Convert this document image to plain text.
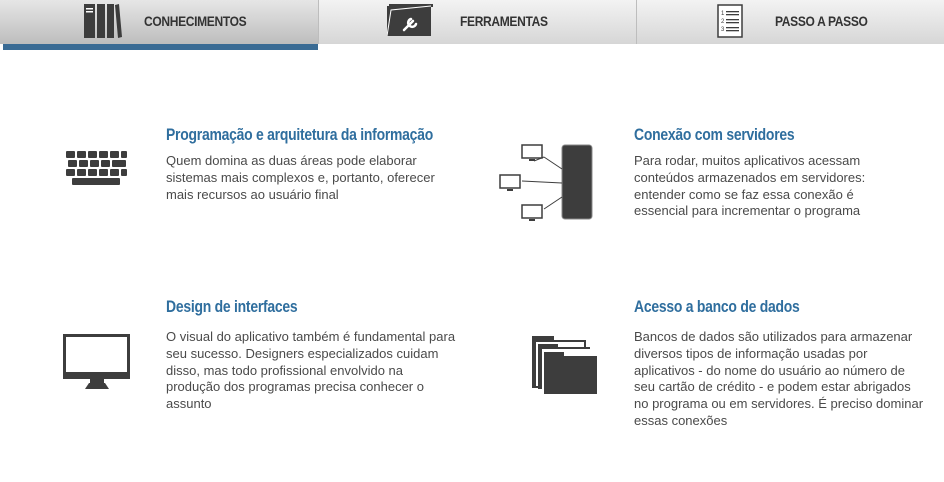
CONHECIMENTOS	FERRAMENTAS	1
2
3
PASSO A PASSO
Programação e arquitetura da informação

Quem domina as duas áreas pode elaborar sistemas mais complexos e, portanto, oferecer mais recursos ao usuário final

Conexão com servidores

Para rodar, muitos aplicativos acessam conteúdos armazenados em servidores: entender como se faz essa conexão é essencial para incrementar o programa

Design de interfaces

O visual do aplicativo também é fundamental para seu sucesso. Designers especializados cuidam disso, mas todo profissional envolvido na produção dos programas precisa conhecer o assunto

Acesso a banco de dados

Bancos de dados são utilizados para armazenar diversos tipos de informação usadas por aplicativos - do nome do usuário ao número de seu cartão de crédito - e podem estar abrigados no programa ou em servidores. É preciso dominar essas conexões
